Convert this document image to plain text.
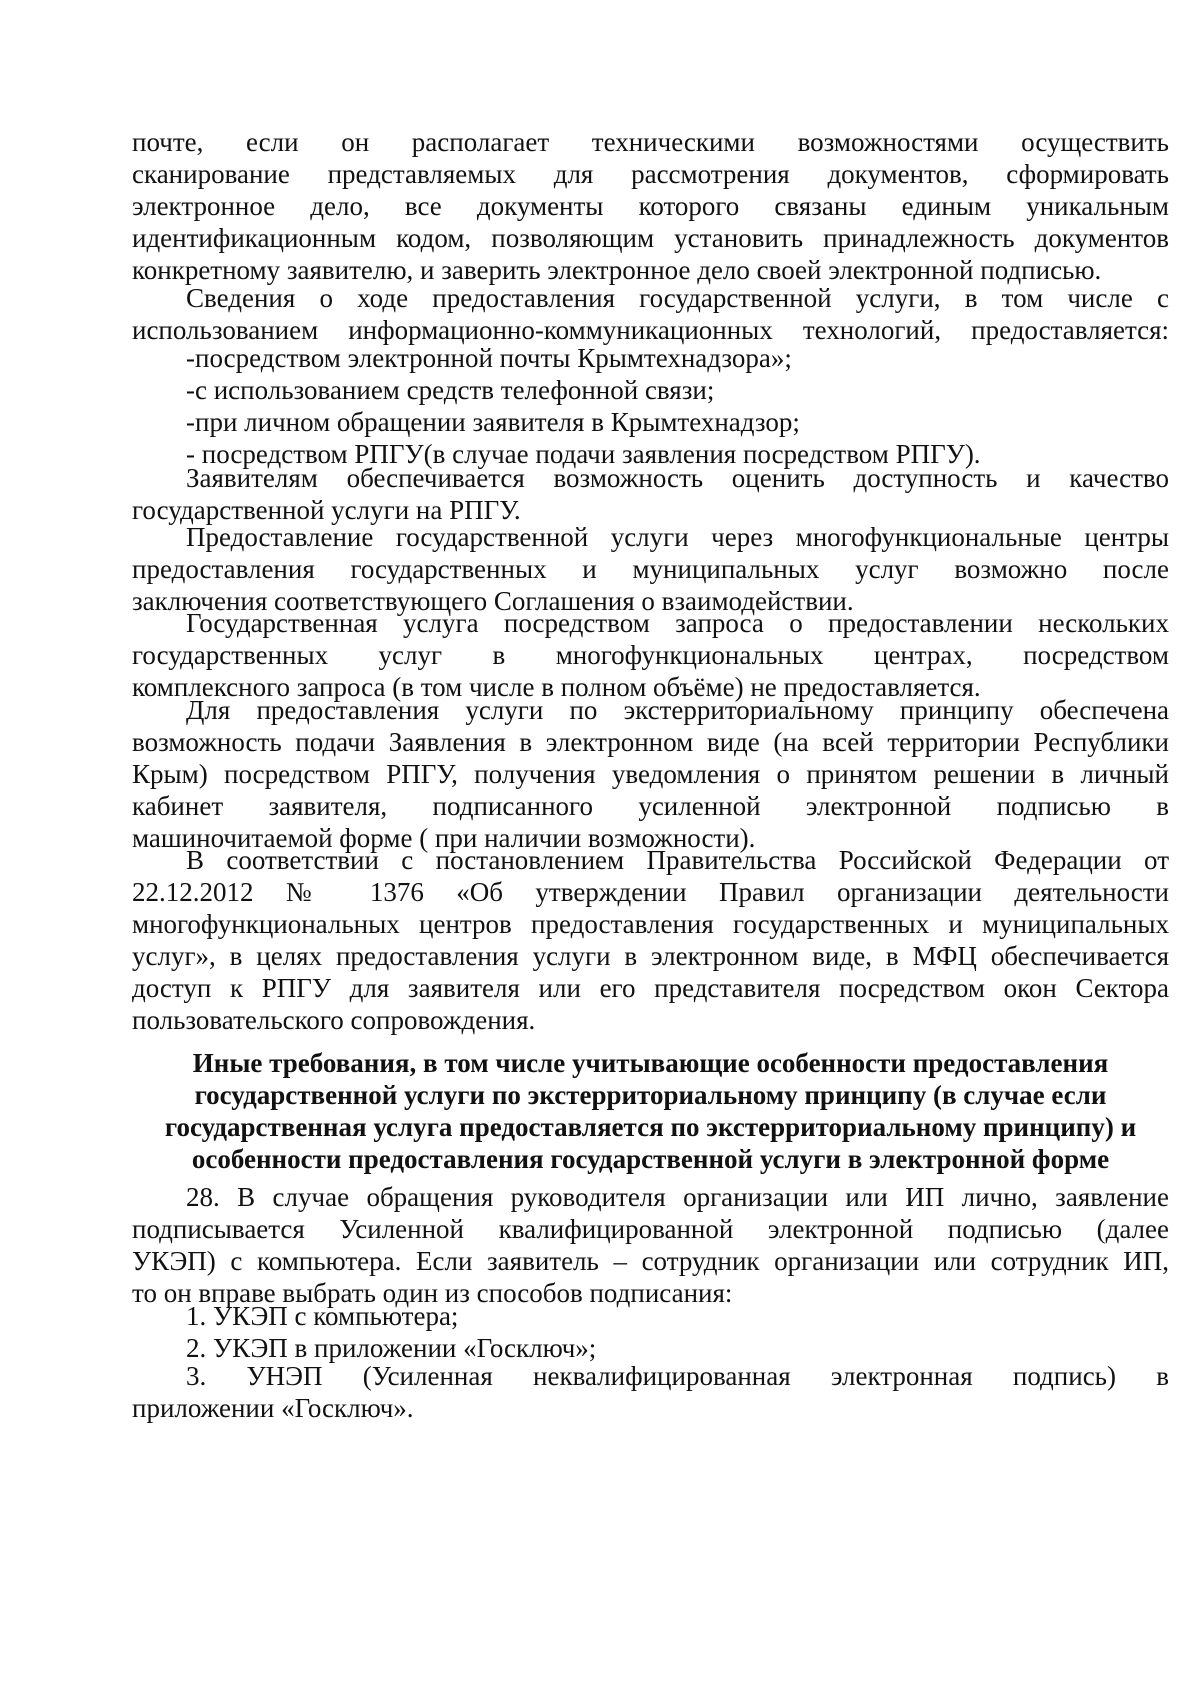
почте, если он располагает техническими возможностями осуществить
сканирование представляемых для рассмотрения документов, сформировать
электронное дело, все документы которого связаны единым уникальным
идентификационным кодом, позволяющим установить принадлежность документов
конкретному заявителю, и заверить электронное дело своей электронной подписью.
Сведения о ходе предоставления государственной услуги, в том числе с
использованием информационно-коммуникационных технологий, предоставляется:
-посредством электронной почты Крымтехнадзора»;
-с использованием средств телефонной связи;
-при личном обращении заявителя в Крымтехнадзор;
- посредством РПГУ(в случае подачи заявления посредством РПГУ).
Заявителям обеспечивается возможность оценить доступность и качество
государственной услуги на РПГУ.
Предоставление государственной услуги через многофункциональные центры
предоставления государственных и муниципальных услуг возможно после
заключения соответствующего Соглашения о взаимодействии.
Государственная услуга посредством запроса о предоставлении нескольких
государственных услуг в многофункциональных центрах, посредством
комплексного запроса (в том числе в полном объёме) не предоставляется.
Для предоставления услуги по экстерриториальному принципу обеспечена
возможность подачи Заявления в электронном виде (на всей территории Республики
Крым) посредством РПГУ, получения уведомления о принятом решении в личный
кабинет заявителя, подписанного усиленной электронной подписью в
машиночитаемой форме ( при наличии возможности).
В соответствии с постановлением Правительства Российской Федерации от
22.12.2012 № 1376 «Об утверждении Правил организации деятельности
многофункциональных центров предоставления государственных и муниципальных
услуг», в целях предоставления услуги в электронном виде, в МФЦ обеспечивается
доступ к РПГУ для заявителя или его представителя посредством окон Сектора
пользовательского сопровождения.
Иные требования, в том числе учитывающие особенности предоставления
государственной услуги по экстерриториальному принципу (в случае если
государственная услуга предоставляется по экстерриториальному принципу) и
особенности предоставления государственной услуги в электронной форме
28. В случае обращения руководителя организации или ИП лично, заявление
подписывается Усиленной квалифицированной электронной подписью (далее
УКЭП) с компьютера. Если заявитель – сотрудник организации или сотрудник ИП,
то он вправе выбрать один из способов подписания:
1. УКЭП с компьютера;
2. УКЭП в приложении «Госключ»;
3. УНЭП (Усиленная неквалифицированная электронная подпись) в
приложении «Госключ».
